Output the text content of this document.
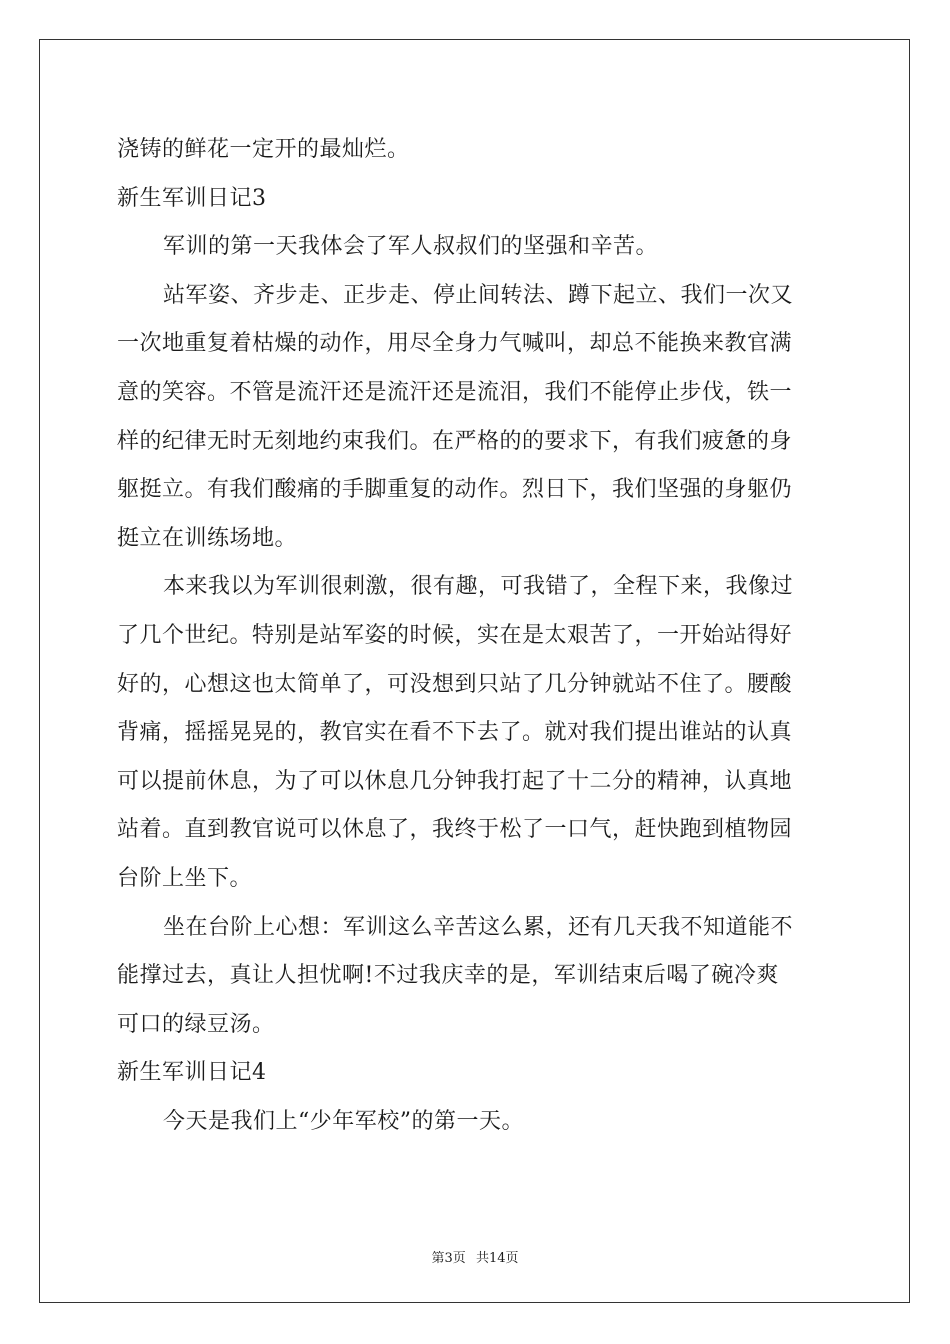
浇铸的鲜花一定开的最灿烂。
新生军训日记3
军训的第一天我体会了军人叔叔们的坚强和辛苦。
站军姿、齐步走、正步走、停止间转法、蹲下起立、我们一次又
一次地重复着枯燥的动作，用尽全身力气喊叫，却总不能换来教官满
意的笑容。不管是流汗还是流汗还是流泪，我们不能停止步伐，铁一
样的纪律无时无刻地约束我们。在严格的的要求下，有我们疲惫的身
躯挺立。有我们酸痛的手脚重复的动作。烈日下，我们坚强的身躯仍
挺立在训练场地。
本来我以为军训很刺激，很有趣，可我错了，全程下来，我像过
了几个世纪。特别是站军姿的时候，实在是太艰苦了，一开始站得好
好的，心想这也太简单了，可没想到只站了几分钟就站不住了。腰酸
背痛，摇摇晃晃的，教官实在看不下去了。就对我们提出谁站的认真
可以提前休息，为了可以休息几分钟我打起了十二分的精神，认真地
站着。直到教官说可以休息了，我终于松了一口气，赶快跑到植物园
台阶上坐下。
坐在台阶上心想：军训这么辛苦这么累，还有几天我不知道能不
能撑过去，真让人担忧啊!不过我庆幸的是，军训结束后喝了碗冷爽
可口的绿豆汤。
新生军训日记4
今天是我们上“少年军校”的第一天。
第3页 共14页
